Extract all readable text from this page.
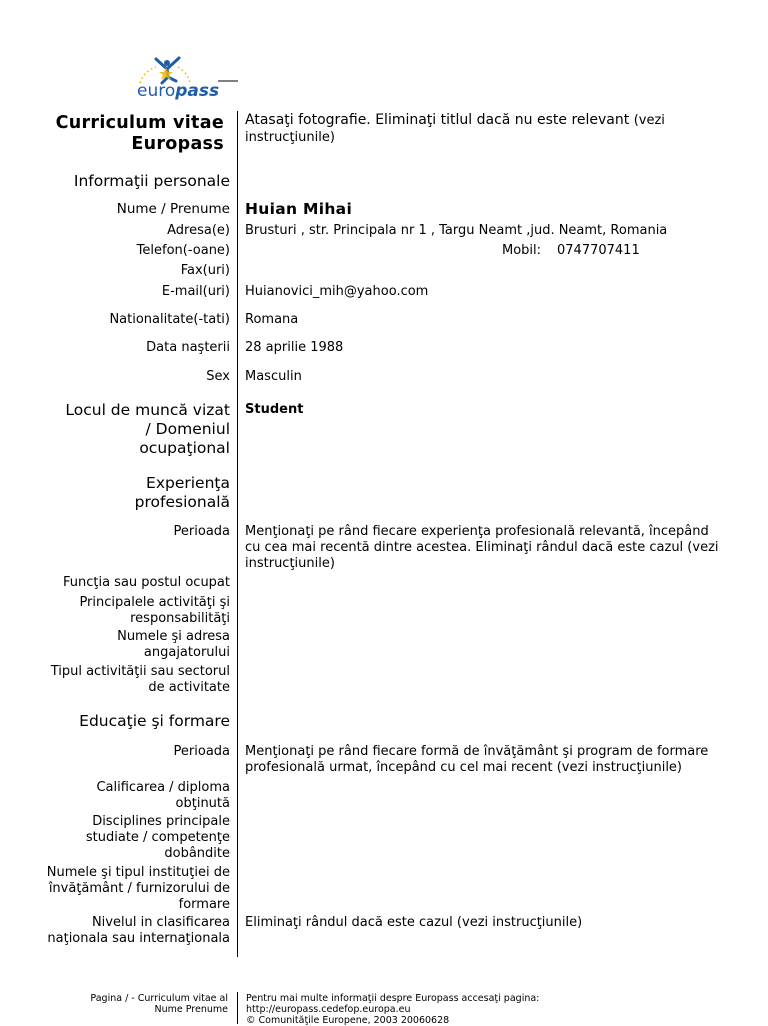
europass
Curriculum vitae
Europass
Atasaţi fotografie. Eliminaţi titlul dacă nu este relevant (vezi
instrucţiunile)
Informaţii personale
Nume / Prenume Huian Mihai
Adresa(e) Brusturi , str. Principala nr 1 , Targu Neamt ,jud. Neamt, Romania
Telefon(-oane)	Mobil: 0747707411
Fax(uri)
E-mail(uri) Huianovici_mih@yahoo.com
Nationalitate(-tati) Romana
Data naşterii 28 aprilie 1988
Sex Masculin
Locul de muncă vizat
/ Domeniul
ocupaţional
Student
Experienţa
profesională
Perioada Menţionaţi pe rând fiecare experienţa profesională relevantă, începând
cu cea mai recentă dintre acestea. Eliminaţi rândul dacă este cazul (vezi
instrucţiunile)
Funcţia sau postul ocupat
Principalele activităţi şi
responsabilităţi
Numele şi adresa
angajatorului
Tipul activităţii sau sectorul
de activitate
Educaţie şi formare
Perioada Menţionaţi pe rând fiecare formă de învăţământ şi program de formare
profesională urmat, începând cu cel mai recent (vezi instrucţiunile)
Calificarea / diploma
obţinută
Disciplines principale
studiate / competenţe
dobândite
Numele şi tipul instituţiei de
învăţământ / furnizorului de
formare
Nivelul in clasificarea
naţionala sau internaţionala
Eliminaţi rândul dacă este cazul (vezi instrucţiunile)
Pagina / - Curriculum vitae al
Nume Prenume
Pentru mai multe informaţii despre Europass accesaţi pagina:
http://europass.cedefop.europa.eu
© Comunităţile Europene, 2003 20060628
